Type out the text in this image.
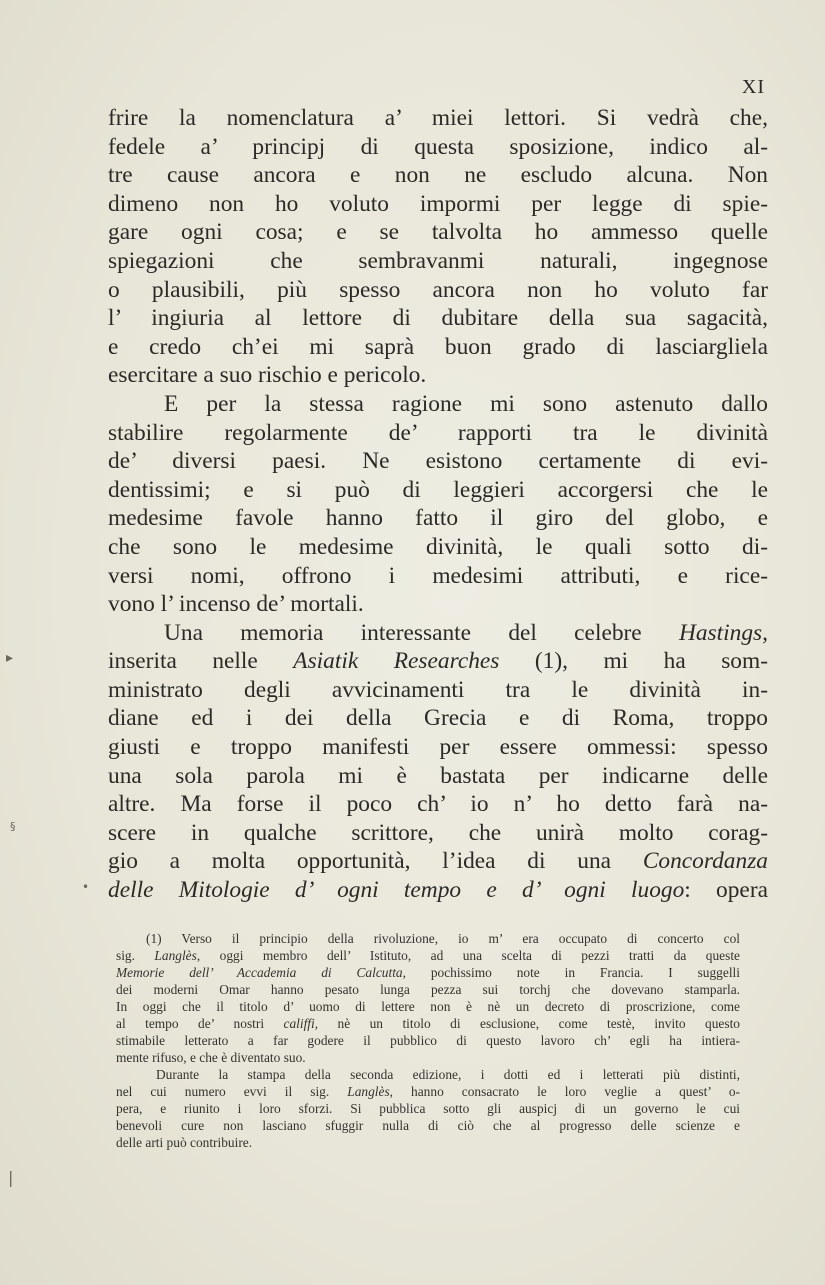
XI
frire la nomenclatura a’ miei lettori. Si vedrà che,
fedele a’ principj di questa sposizione, indico al-
tre cause ancora e non ne escludo alcuna. Non
dimeno non ho voluto impormi per legge di spie-
gare ogni cosa; e se talvolta ho ammesso quelle
spiegazioni che sembravanmi naturali, ingegnose
o plausibili, più spesso ancora non ho voluto far
l’ ingiuria al lettore di dubitare della sua sagacità,
e credo ch’ei mi saprà buon grado di lasciargliela
esercitare a suo rischio e pericolo.
E per la stessa ragione mi sono astenuto dallo
stabilire regolarmente de’ rapporti tra le divinità
de’ diversi paesi. Ne esistono certamente di evi-
dentissimi; e si può di leggieri accorgersi che le
medesime favole hanno fatto il giro del globo, e
che sono le medesime divinità, le quali sotto di-
versi nomi, offrono i medesimi attributi, e rice-
vono l’ incenso de’ mortali.
Una memoria interessante del celebre Hastings,
inserita nelle Asiatik Researches (1), mi ha som-
ministrato degli avvicinamenti tra le divinità in-
diane ed i dei della Grecia e di Roma, troppo
giusti e troppo manifesti per essere ommessi: spesso
una sola parola mi è bastata per indicarne delle
altre. Ma forse il poco ch’ io n’ ho detto farà na-
scere in qualche scrittore, che unirà molto corag-
gio a molta opportunità, l’idea di una Concordanza
delle Mitologie d’ ogni tempo e d’ ogni luogo: opera
(1) Verso il principio della rivoluzione, io m’ era occupato di concerto col
sig. Langlès, oggi membro dell’ Istituto, ad una scelta di pezzi tratti da queste
Memorie dell’ Accademia di Calcutta, pochissimo note in Francia. I suggelli
dei moderni Omar hanno pesato lunga pezza sui torchj che dovevano stamparla.
In oggi che il titolo d’ uomo di lettere non è nè un decreto di proscrizione, come
al tempo de’ nostri califfi, nè un titolo di esclusione, come testè, invito questo
stimabile letterato a far godere il pubblico di questo lavoro ch’ egli ha intiera-
mente rifuso, e che è diventato suo.
Durante la stampa della seconda edizione, i dotti ed i letterati più distinti,
nel cui numero evvi il sig. Langlès, hanno consacrato le loro veglie a quest’ o-
pera, e riunito i loro sforzi. Si pubblica sotto gli auspicj di un governo le cui
benevoli cure non lasciano sfuggir nulla di ciò che al progresso delle scienze e
delle arti può contribuire.
▸
§
•
|
